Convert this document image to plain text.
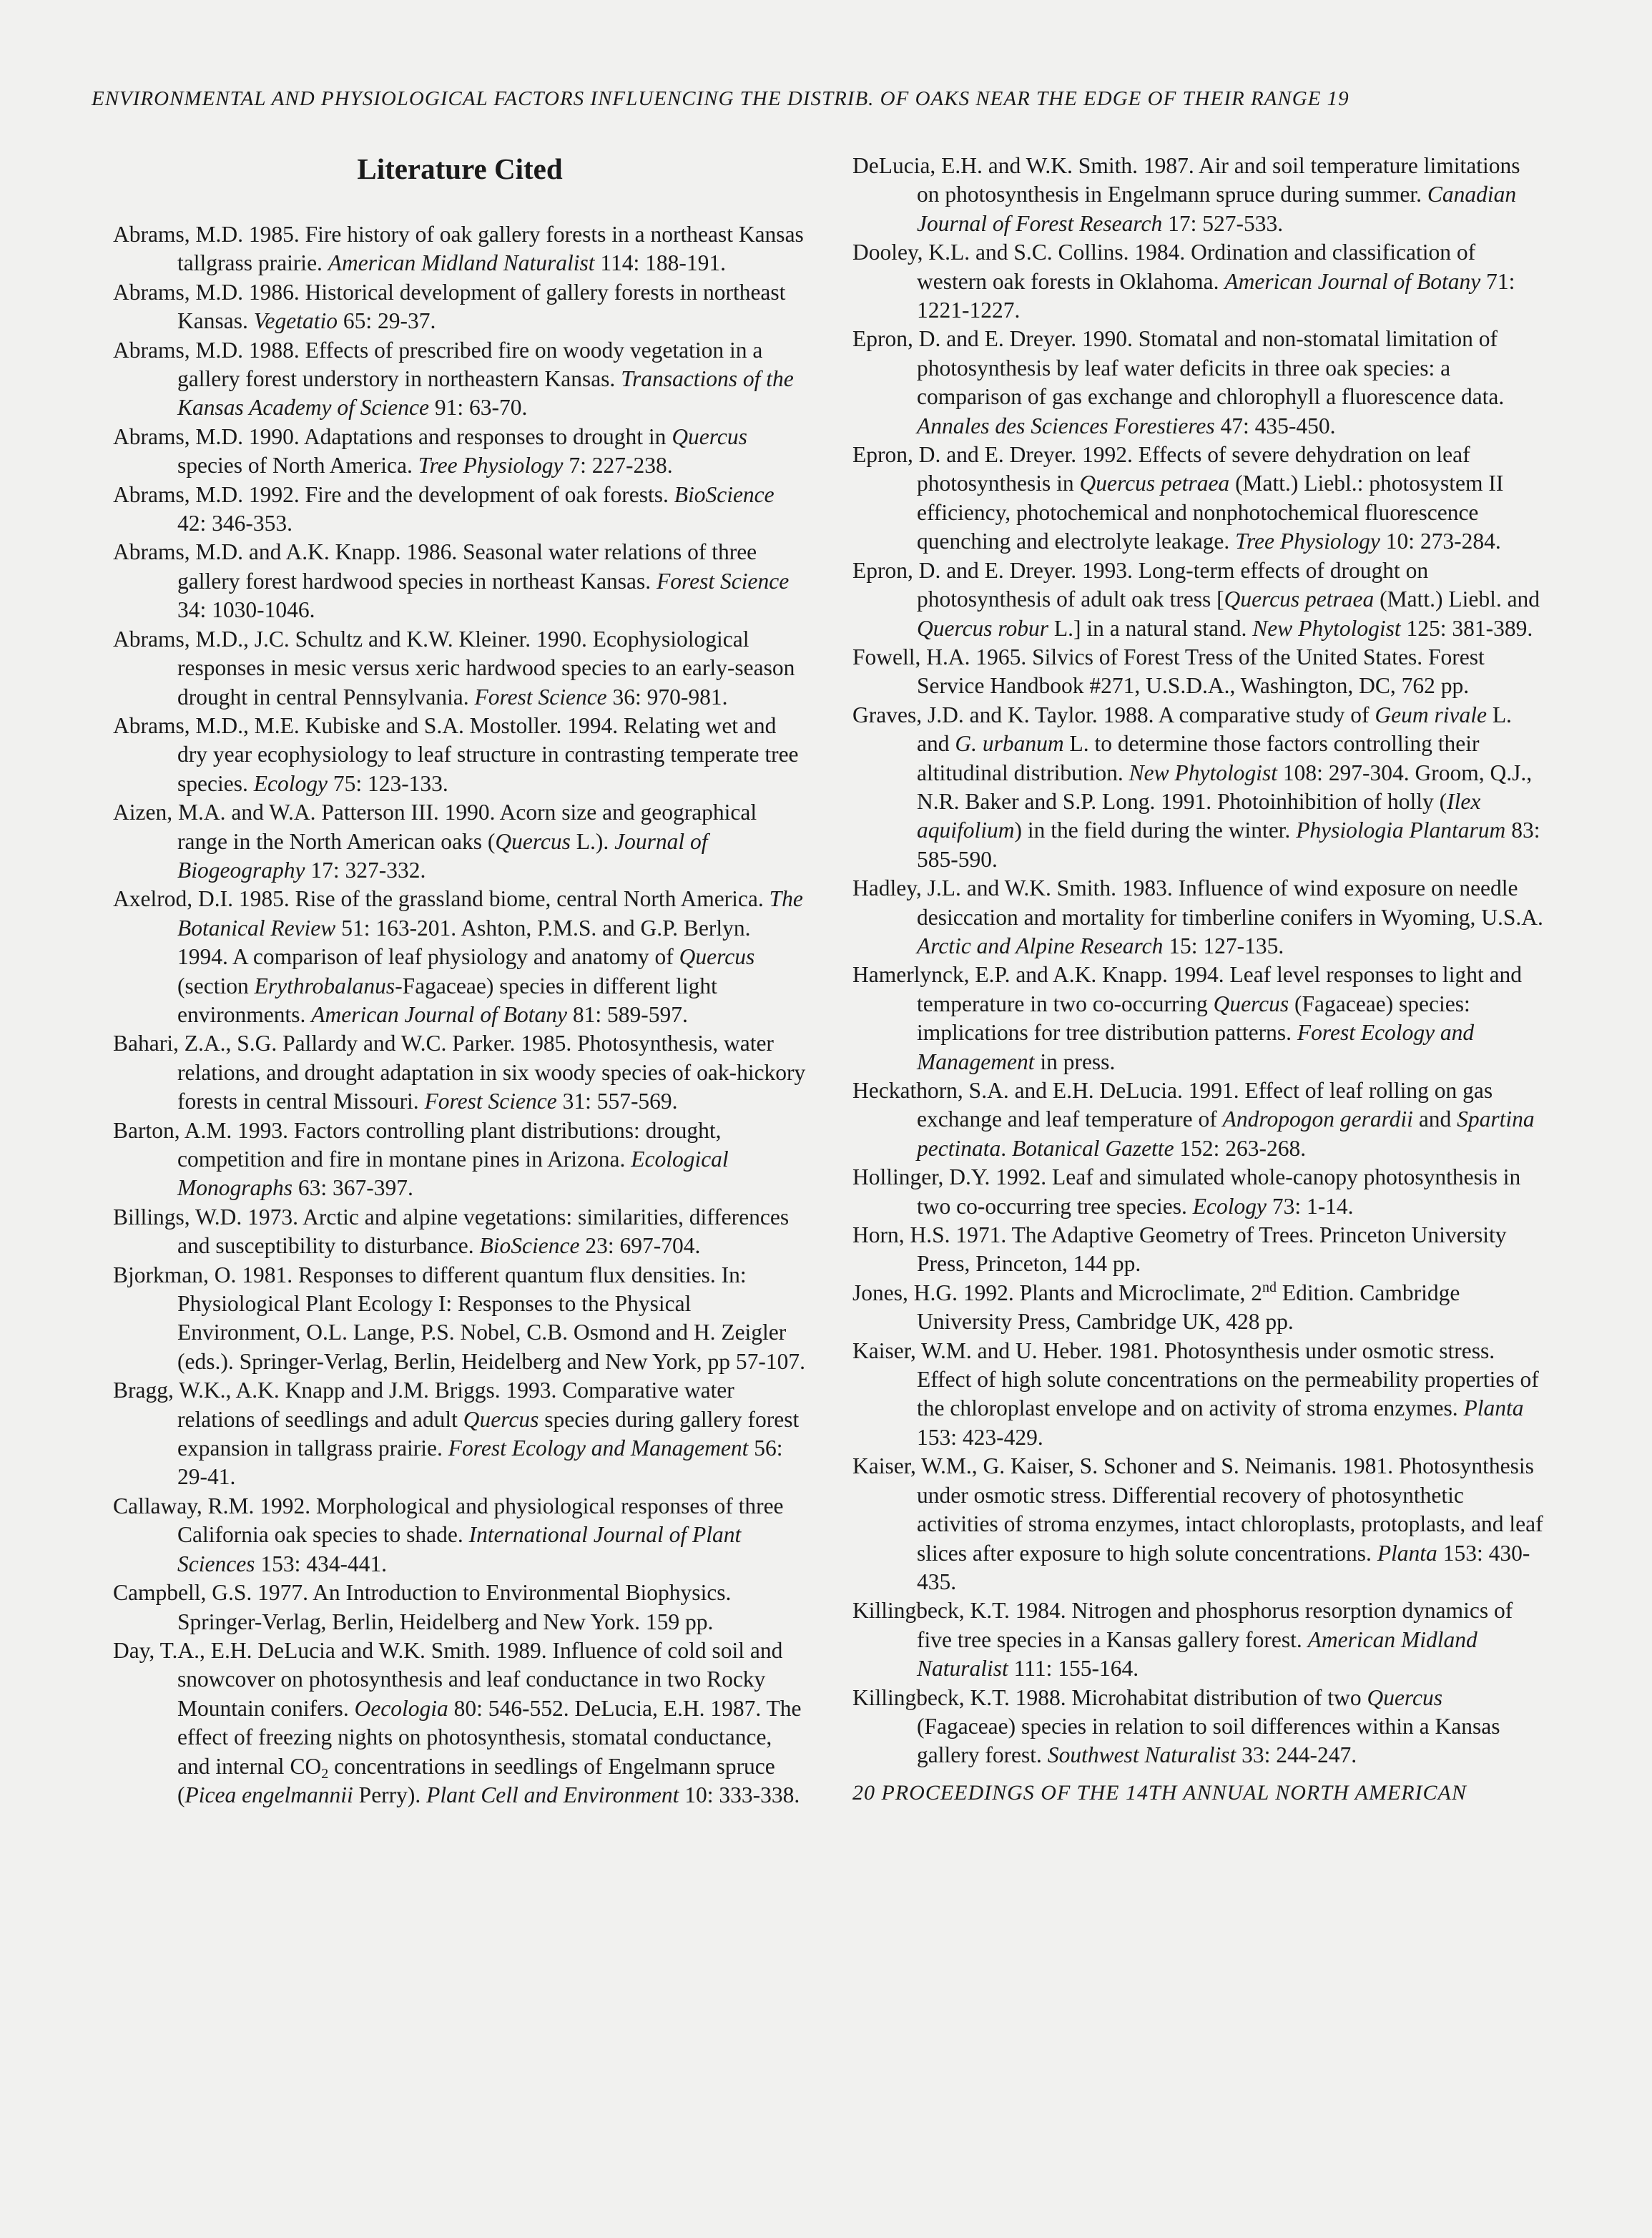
ENVIRONMENTAL AND PHYSIOLOGICAL FACTORS INFLUENCING THE DISTRIB. OF OAKS NEAR THE EDGE OF THEIR RANGE 19
Literature Cited

Abrams, M.D. 1985. Fire history of oak gallery forests in a northeast Kansas tallgrass prairie. American Midland Naturalist 114: 188-191.

Abrams, M.D. 1986. Historical development of gallery forests in northeast Kansas. Vegetatio 65: 29-37.

Abrams, M.D. 1988. Effects of prescribed fire on woody vegetation in a gallery forest understory in northeastern Kansas. Transactions of the Kansas Academy of Science 91: 63-70.

Abrams, M.D. 1990. Adaptations and responses to drought in Quercus species of North America. Tree Physiology 7: 227-238.

Abrams, M.D. 1992. Fire and the development of oak forests. BioScience 42: 346-353.

Abrams, M.D. and A.K. Knapp. 1986. Seasonal water relations of three gallery forest hardwood species in northeast Kansas. Forest Science 34: 1030-1046.

Abrams, M.D., J.C. Schultz and K.W. Kleiner. 1990. Ecophysiological responses in mesic versus xeric hardwood species to an early-season drought in central Pennsylvania. Forest Science 36: 970-981.

Abrams, M.D., M.E. Kubiske and S.A. Mostoller. 1994. Relating wet and dry year ecophysiology to leaf structure in contrasting temperate tree species. Ecology 75: 123-133.

Aizen, M.A. and W.A. Patterson III. 1990. Acorn size and geographical range in the North American oaks (Quercus L.). Journal of Biogeography 17: 327-332.

Axelrod, D.I. 1985. Rise of the grassland biome, central North America. The Botanical Review 51: 163-201. Ashton, P.M.S. and G.P. Berlyn. 1994. A comparison of leaf physiology and anatomy of Quercus (section Erythrobalanus-Fagaceae) species in different light environments. American Journal of Botany 81: 589-597.

Bahari, Z.A., S.G. Pallardy and W.C. Parker. 1985. Photosynthesis, water relations, and drought adaptation in six woody species of oak-hickory forests in central Missouri. Forest Science 31: 557-569.

Barton, A.M. 1993. Factors controlling plant distributions: drought, competition and fire in montane pines in Arizona. Ecological Monographs 63: 367-397.

Billings, W.D. 1973. Arctic and alpine vegetations: similarities, differences and susceptibility to disturbance. BioScience 23: 697-704.

Bjorkman, O. 1981. Responses to different quantum flux densities. In: Physiological Plant Ecology I: Responses to the Physical Environment, O.L. Lange, P.S. Nobel, C.B. Osmond and H. Zeigler (eds.). Springer-Verlag, Berlin, Heidelberg and New York, pp 57-107.

Bragg, W.K., A.K. Knapp and J.M. Briggs. 1993. Comparative water relations of seedlings and adult Quercus species during gallery forest expansion in tallgrass prairie. Forest Ecology and Management 56: 29-41.

Callaway, R.M. 1992. Morphological and physiological responses of three California oak species to shade. International Journal of Plant Sciences 153: 434-441.

Campbell, G.S. 1977. An Introduction to Environmental Biophysics. Springer-Verlag, Berlin, Heidelberg and New York. 159 pp.

Day, T.A., E.H. DeLucia and W.K. Smith. 1989. Influence of cold soil and snowcover on photosynthesis and leaf conductance in two Rocky Mountain conifers. Oecologia 80: 546-552. DeLucia, E.H. 1987. The effect of freezing nights on photosynthesis, stomatal conductance, and internal $CO_2$ concentrations in seedlings of Engelmann spruce (Picea engelmannii Perry). Plant Cell and Environment 10: 333-338.

DeLucia, E.H. and W.K. Smith. 1987. Air and soil temperature limitations on photosynthesis in Engelmann spruce during summer. Canadian Journal of Forest Research 17: 527-533.

Dooley, K.L. and S.C. Collins. 1984. Ordination and classification of western oak forests in Oklahoma. American Journal of Botany 71: 1221-1227.

Epron, D. and E. Dreyer. 1990. Stomatal and non-stomatal limitation of photosynthesis by leaf water deficits in three oak species: a comparison of gas exchange and chlorophyll a fluorescence data. Annales des Sciences Forestieres 47: 435-450.

Epron, D. and E. Dreyer. 1992. Effects of severe dehydration on leaf photosynthesis in Quercus petraea (Matt.) Liebl.: photosystem II efficiency, photochemical and nonphotochemical fluorescence quenching and electrolyte leakage. Tree Physiology 10: 273-284.

Epron, D. and E. Dreyer. 1993. Long-term effects of drought on photosynthesis of adult oak tress [Quercus petraea (Matt.) Liebl. and Quercus robur L.] in a natural stand. New Phytologist 125: 381-389.

Fowell, H.A. 1965. Silvics of Forest Tress of the United States. Forest Service Handbook #271, U.S.D.A., Washington, DC, 762 pp.

Graves, J.D. and K. Taylor. 1988. A comparative study of Geum rivale L. and G. urbanum L. to determine those factors controlling their altitudinal distribution. New Phytologist 108: 297-304. Groom, Q.J., N.R. Baker and S.P. Long. 1991. Photoinhibition of holly (Ilex aquifolium) in the field during the winter. Physiologia Plantarum 83: 585-590.

Hadley, J.L. and W.K. Smith. 1983. Influence of wind exposure on needle desiccation and mortality for timberline conifers in Wyoming, U.S.A. Arctic and Alpine Research 15: 127-135.

Hamerlynck, E.P. and A.K. Knapp. 1994. Leaf level responses to light and temperature in two co-occurring Quercus (Fagaceae) species: implications for tree distribution patterns. Forest Ecology and Management in press.

Heckathorn, S.A. and E.H. DeLucia. 1991. Effect of leaf rolling on gas exchange and leaf temperature of Andropogon gerardii and Spartina pectinata. Botanical Gazette 152: 263-268.

Hollinger, D.Y. 1992. Leaf and simulated whole-canopy photosynthesis in two co-occurring tree species. Ecology 73: 1-14.

Horn, H.S. 1971. The Adaptive Geometry of Trees. Princeton University Press, Princeton, 144 pp.

Jones, H.G. 1992. Plants and Microclimate, 2nd Edition. Cambridge University Press, Cambridge UK, 428 pp.

Kaiser, W.M. and U. Heber. 1981. Photosynthesis under osmotic stress. Effect of high solute concentrations on the permeability properties of the chloroplast envelope and on activity of stroma enzymes. Planta 153: 423-429.

Kaiser, W.M., G. Kaiser, S. Schoner and S. Neimanis. 1981. Photosynthesis under osmotic stress. Differential recovery of photosynthetic activities of stroma enzymes, intact chloroplasts, protoplasts, and leaf slices after exposure to high solute concentrations. Planta 153: 430-435.

Killingbeck, K.T. 1984. Nitrogen and phosphorus resorption dynamics of five tree species in a Kansas gallery forest. American Midland Naturalist 111: 155-164.

Killingbeck, K.T. 1988. Microhabitat distribution of two Quercus (Fagaceae) species in relation to soil differences within a Kansas gallery forest. Southwest Naturalist 33: 244-247.

20 PROCEEDINGS OF THE 14TH ANNUAL NORTH AMERICAN
